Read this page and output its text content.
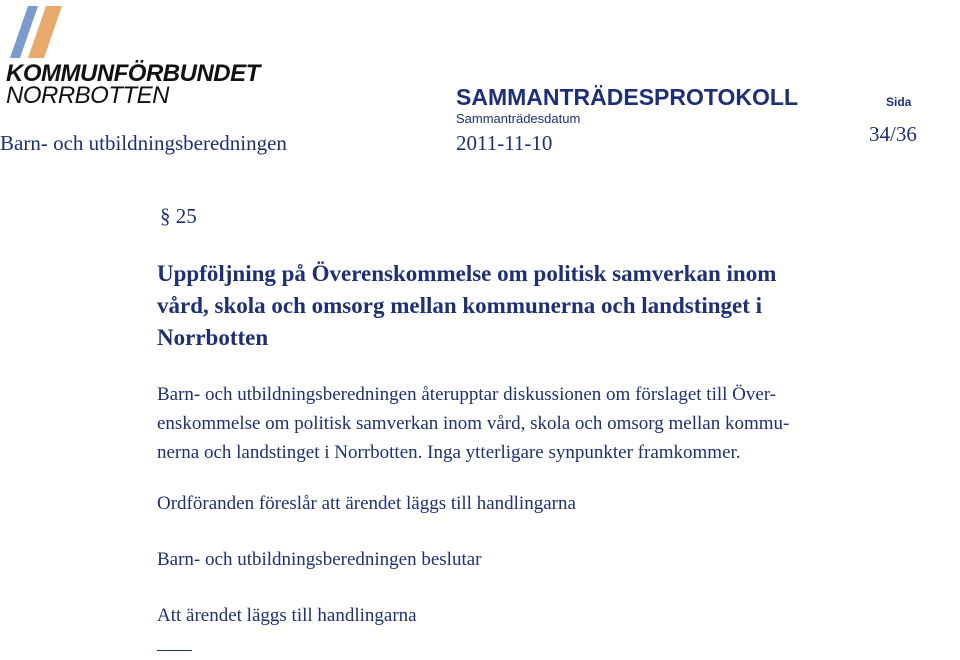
KOMMUNFÖRBUNDET
NORRBOTTEN	SAMMANTRÄDESPROTOKOLL	Sida
Sammanträdesdatum
Barn- och utbildningsberedningen	2011-11-10	34/36
§ 25
Uppföljning på Överenskommelse om politisk samverkan inom
vård, skola och omsorg mellan kommunerna och landstinget i
Norrbotten
Barn- och utbildningsberedningen återupptar diskussionen om förslaget till Över-
enskommelse om politisk samverkan inom vård, skola och omsorg mellan kommu-
nerna och landstinget i Norrbotten. Inga ytterligare synpunkter framkommer.
Ordföranden föreslår att ärendet läggs till handlingarna
Barn- och utbildningsberedningen beslutar
Att ärendet läggs till handlingarna
